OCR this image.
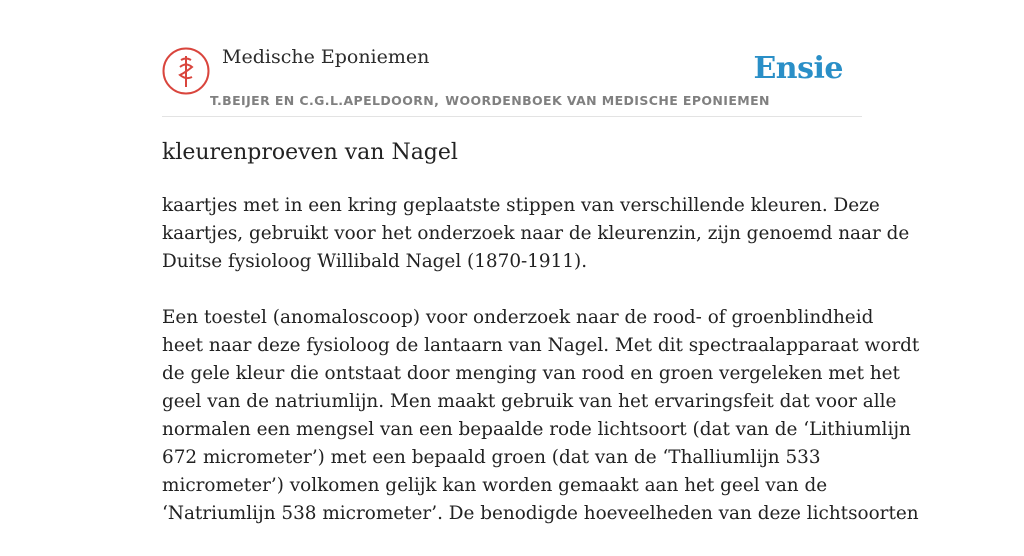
Medische Eponiemen
T.BEIJER EN C.G.L.APELDOORN, WOORDENBOEK VAN MEDISCHE EPONIEMEN
Ensie
kleurenproeven van Nagel

kaartjes met in een kring geplaatste stippen van verschillende kleuren. Deze
kaartjes, gebruikt voor het onderzoek naar de kleurenzin, zijn genoemd naar de
Duitse fysioloog Willibald Nagel (1870-1911).

Een toestel (anomaloscoop) voor onderzoek naar de rood- of groenblindheid
heet naar deze fysioloog de lantaarn van Nagel. Met dit spectraalapparaat wordt
de gele kleur die ontstaat door menging van rood en groen vergeleken met het
geel van de natriumlijn. Men maakt gebruik van het ervaringsfeit dat voor alle
normalen een mengsel van een bepaalde rode lichtsoort (dat van de ‘Lithiumlijn
672 micrometer’) met een bepaald groen (dat van de ‘Thalliumlijn 533
micrometer’) volkomen gelijk kan worden gemaakt aan het geel van de
‘Natriumlijn 538 micrometer’. De benodigde hoeveelheden van deze lichtsoorten
